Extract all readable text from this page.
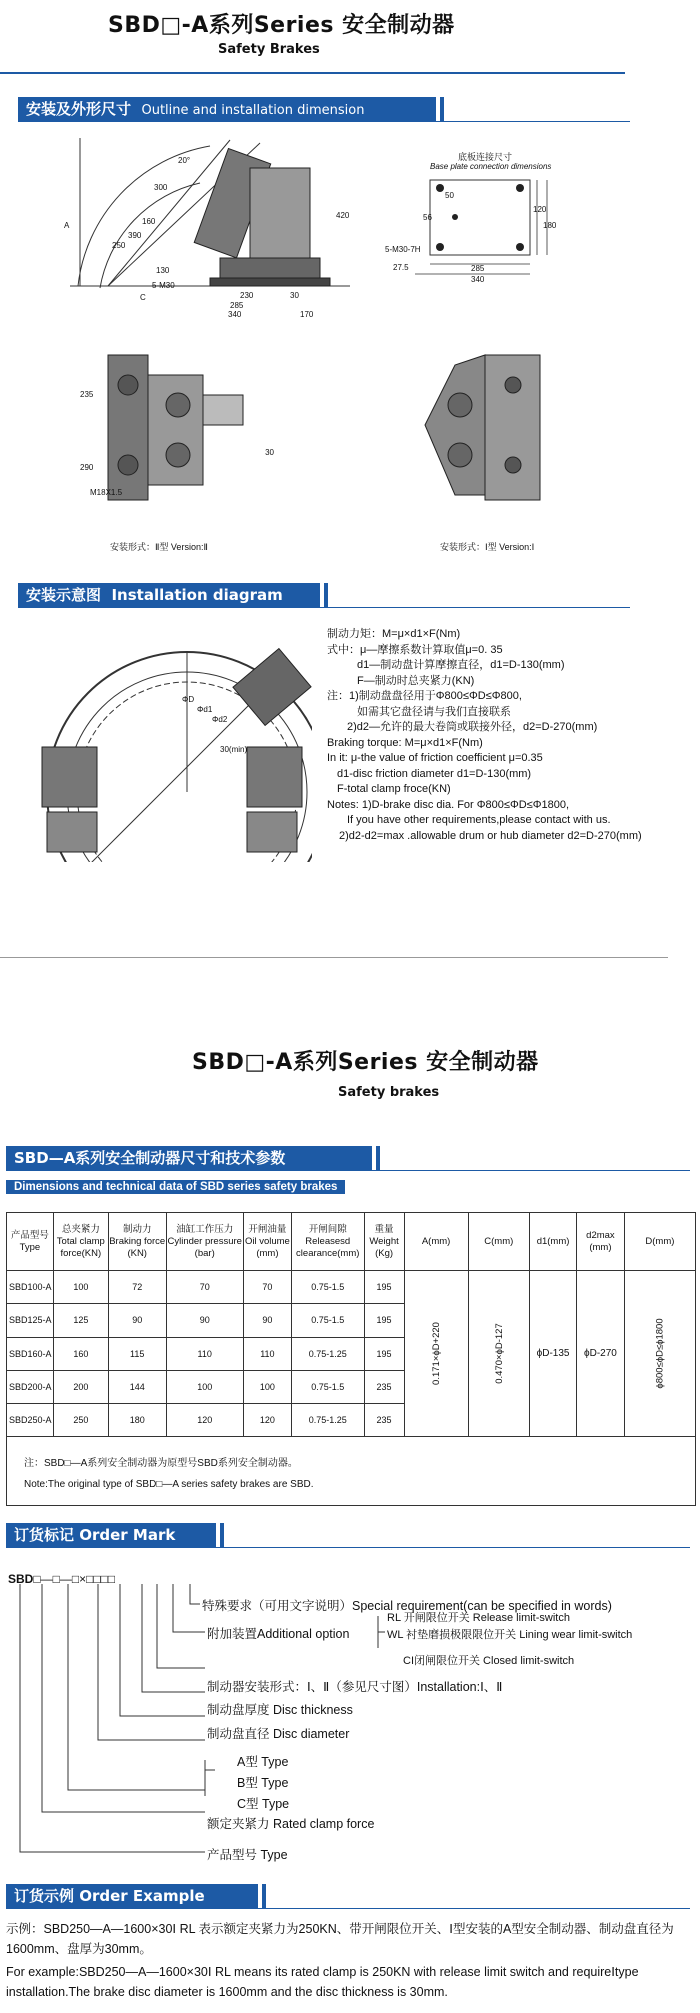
SBD□-A系列Series 安全制动器
Safety Brakes
安装及外形尺寸 Outline and installation dimension
300
20°
A
250
390
160
130
420
5-M30
C	230
285
30
340	170
底板连接尺寸
Base plate connection dimensions
5-M30-7H
50
56
120
180
27.5	285
340
235
290
M18X1.5
30
安装形式：Ⅱ型 Version:Ⅱ	安装形式：Ⅰ型 Version:Ⅰ
安装示意图 Installation diagram
ΦD
Φd1
Φd2
30(min)
制动力矩：M=μ×d1×F(Nm)
式中：μ—摩擦系数计算取值μ=0. 35
d1—制动盘计算摩擦直径，d1=D-130(mm)
F—制动时总夹紧力(KN)
注：1)制动盘盘径用于Φ800≤ΦD≤Φ800,
如需其它盘径请与我们直接联系
2)d2—允许的最大卷筒或联接外径，d2=D-270(mm)
Braking torque: M=μ×d1×F(Nm)
In it: μ-the value of friction coefficient μ=0.35
d1-disc friction diameter d1=D-130(mm)
F-total clamp froce(KN)
Notes: 1)D-brake disc dia. For Φ800≤ΦD≤Φ1800,
If you have other requirements,please contact with us.
2)d2-d2=max .allowable drum or hub diameter d2=D-270(mm)
SBD□-A系列Series 安全制动器
Safety brakes
SBD—A系列安全制动器尺寸和技术参数
Dimensions and technical data of SBD series safety brakes
产品型号
Type	总夹紧力
Total clamp
force(KN)	制动力
Braking force
(KN)	油缸工作压力
Cylinder pressure
(bar)	开闸油量
Oil volume
(mm)	开闸间隙
Releasesd
clearance(mm)	重量
Weight
(Kg)	A(mm)	C(mm)	d1(mm)	d2max
(mm)	D(mm)
SBD100-A	100	72	70	70	0.75-1.5	195	0.171×ϕD+220	0.470×ϕD-127	ϕD-135	ϕD-270	ϕ800≤ϕD≤ϕ1800

SBD125-A	125	90	90	90	0.75-1.5	195					
SBD160-A	160	115	110	110	0.75-1.25	195					
SBD200-A	200	144	100	100	0.75-1.5	235					
SBD250-A	250	180	120	120	0.75-1.25	235					
注：SBD□—A系列安全制动器为原型号SBD系列安全制动器。
Note:The original type of SBD□—A series safety brakes are SBD.
订货标记 Order Mark
SBD□—□—□×□□□□
特殊要求（可用文字说明）Special requirement(can be specified in words)
附加装置Additional option
RL 开闸限位开关 Release limit-switch
WL 衬垫磨损极限限位开关 Lining wear limit-switch
CI闭闸限位开关 Closed limit-switch
制动器安装形式：Ⅰ、Ⅱ（参见尺寸图）Installation:Ⅰ、Ⅱ
制动盘厚度 Disc thickness
制动盘直径 Disc diameter
A型 Type
B型 Type
C型 Type
额定夹紧力 Rated clamp force
产品型号 Type
订货示例 Order Example
示例：SBD250—A—1600×30Ⅰ RL 表示额定夹紧力为250KN、带开闸限位开关、Ⅰ型安装的A型安全制动器、制动盘直径为1600mm、盘厚为30mm。
For example:SBD250—A—1600×30Ⅰ RL means its rated clamp is 250KN with release limit switch and requireⅠtype installation.The brake disc diameter is 1600mm and the disc thickness is 30mm.
